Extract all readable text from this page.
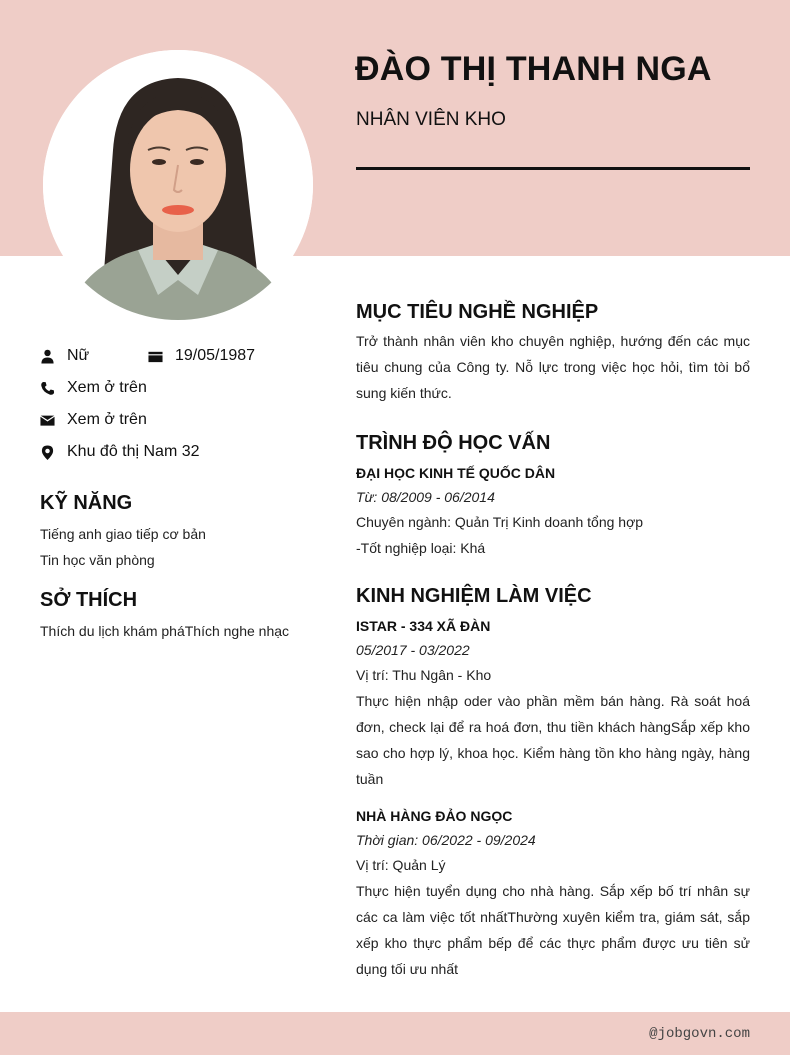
ĐÀO THỊ THANH NGA
NHÂN VIÊN KHO
Nữ	19/05/1987
Xem ở trên
Xem ở trên
Khu đô thị Nam 32
KỸ NĂNG
Tiếng anh giao tiếp cơ bản
Tin học văn phòng
SỞ THÍCH
Thích du lịch khám pháThích nghe nhạc
MỤC TIÊU NGHỀ NGHIỆP
Trở thành nhân viên kho chuyên nghiệp, hướng đến các mục tiêu chung của Công ty. Nỗ lực trong việc học hỏi, tìm tòi bổ sung kiến thức.
TRÌNH ĐỘ HỌC VẤN
ĐẠI HỌC KINH TẾ QUỐC DÂN
Từ: 08/2009 - 06/2014
Chuyên ngành: Quản Trị Kinh doanh tổng hợp
-Tốt nghiệp loại: Khá
KINH NGHIỆM LÀM VIỆC
ISTAR - 334 XÃ ĐÀN
05/2017 - 03/2022
Vị trí: Thu Ngân - Kho
Thực hiện nhập oder vào phần mềm bán hàng. Rà soát hoá đơn, check lại để ra hoá đơn, thu tiền khách hàngSắp xếp kho sao cho hợp lý, khoa học. Kiểm hàng tồn kho hàng ngày, hàng tuần
NHÀ HÀNG ĐẢO NGỌC
Thời gian: 06/2022 - 09/2024
Vị trí: Quản Lý
Thực hiện tuyển dụng cho nhà hàng. Sắp xếp bố trí nhân sự các ca làm việc tốt nhấtThường xuyên kiểm tra, giám sát, sắp xếp kho thực phẩm bếp để các thực phẩm được ưu tiên sử dụng tối ưu nhất
@jobgovn.com
